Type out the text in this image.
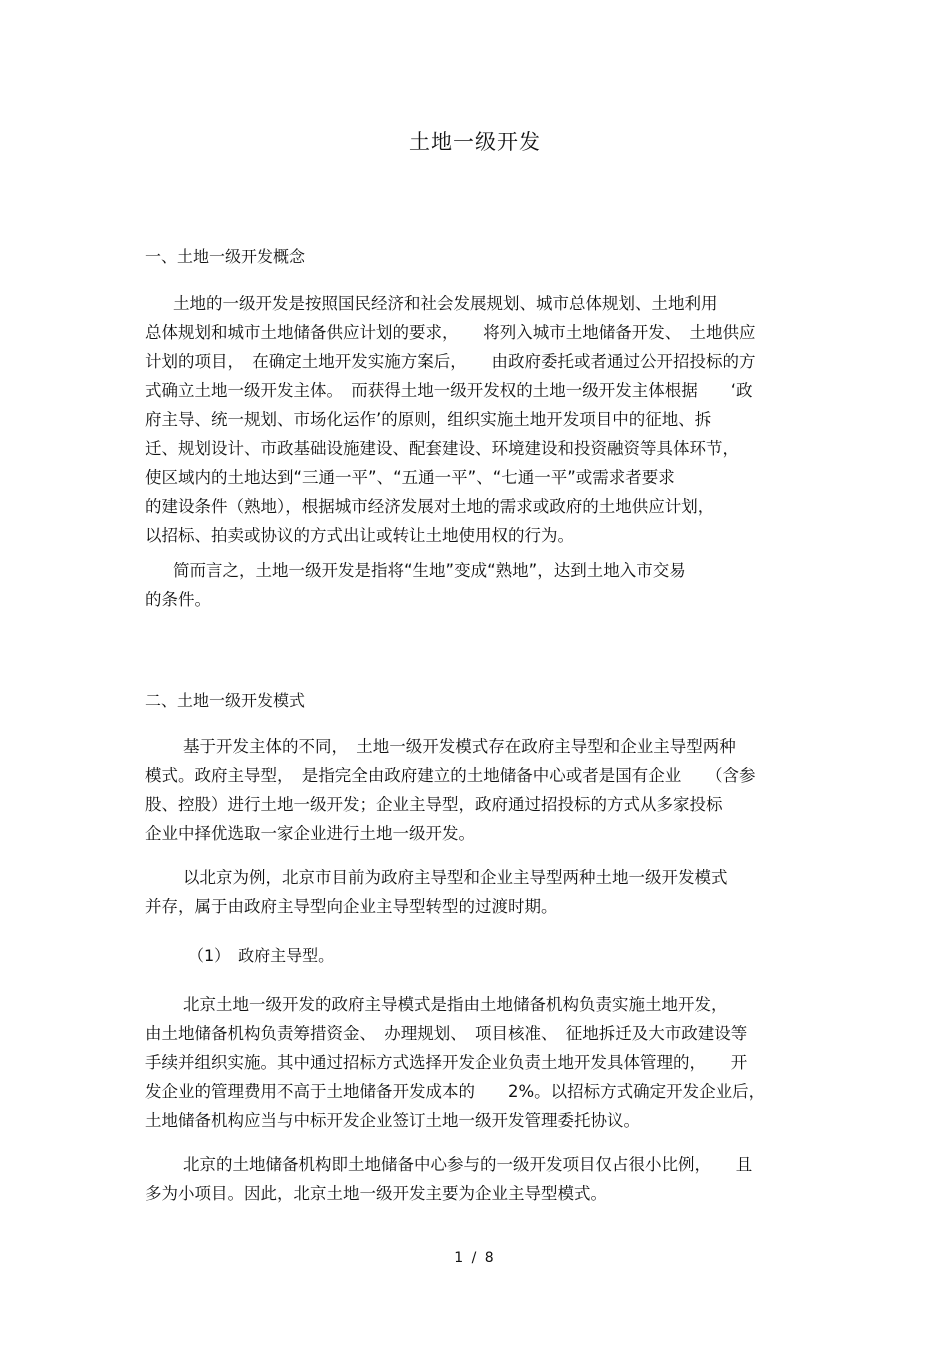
土地一级开发
一、土地一级开发概念
土地的一级开发是按照国民经济和社会发展规划、城市总体规划、土地利用
总体规划和城市土地储备供应计划的要求，　　将列入城市土地储备开发、　土地供应
计划的项目，　在确定土地开发实施方案后，　　由政府委托或者通过公开招投标的方
式确立土地一级开发主体。　而获得土地一级开发权的土地一级开发主体根据　　‘政
府主导、统一规划、市场化运作’的原则，组织实施土地开发项目中的征地、拆
迁、规划设计、市政基础设施建设、配套建设、环境建设和投资融资等具体环节，
使区域内的土地达到“三通一平”、“五通一平”、“七通一平”或需求者要求
的建设条件（熟地），根据城市经济发展对土地的需求或政府的土地供应计划，
以招标、拍卖或协议的方式出让或转让土地使用权的行为。
简而言之，土地一级开发是指将“生地”变成“熟地”，达到土地入市交易
的条件。
二、土地一级开发模式
基于开发主体的不同，　土地一级开发模式存在政府主导型和企业主导型两种
模式。政府主导型，　是指完全由政府建立的土地储备中心或者是国有企业　　（含参
股、控股）进行土地一级开发；企业主导型，政府通过招投标的方式从多家投标
企业中择优选取一家企业进行土地一级开发。
以北京为例，北京市目前为政府主导型和企业主导型两种土地一级开发模式
并存，属于由政府主导型向企业主导型转型的过渡时期。
（1）　政府主导型。
北京土地一级开发的政府主导模式是指由土地储备机构负责实施土地开发，
由土地储备机构负责筹措资金、　办理规划、　项目核准、　征地拆迁及大市政建设等
手续并组织实施。其中通过招标方式选择开发企业负责土地开发具体管理的，　　开
发企业的管理费用不高于土地储备开发成本的　　2%。以招标方式确定开发企业后，
土地储备机构应当与中标开发企业签订土地一级开发管理委托协议。
北京的土地储备机构即土地储备中心参与的一级开发项目仅占很小比例，　　且
多为小项目。因此，北京土地一级开发主要为企业主导型模式。
1 / 8
